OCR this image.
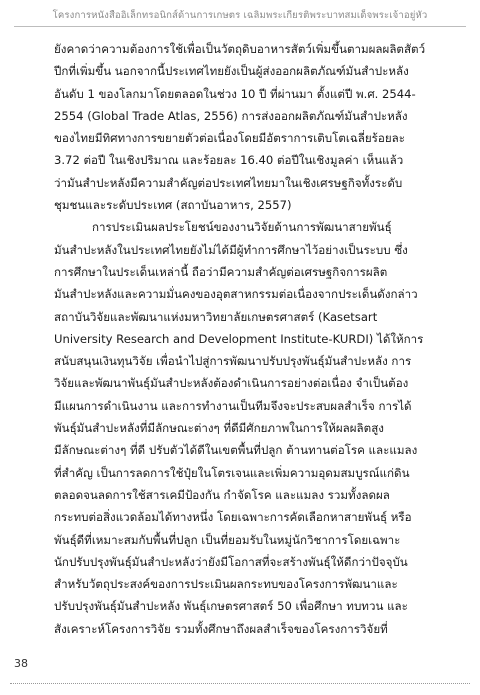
โครงการหนังสืออิเล็กทรอนิกส์ด้านการเกษตร เฉลิมพระเกียรติพระบาทสมเด็จพระเจ้าอยู่หัว
ยังคาดว่าความต้องการใช้เพื่อเป็นวัตถุดิบอาหารสัตว์เพิ่มขึ้นตามผลผลิตสัตว์
ปีกที่เพิ่มขึ้น นอกจากนี้ประเทศไทยยังเป็นผู้ส่งออกผลิตภัณฑ์มันสำปะหลัง
อันดับ 1 ของโลกมาโดยตลอดในช่วง 10 ปี ที่ผ่านมา ตั้งแต่ปี พ.ศ. 2544-
2554 (Global Trade Atlas, 2556) การส่งออกผลิตภัณฑ์มันสำปะหลัง
ของไทยมีทิศทางการขยายตัวต่อเนื่องโดยมีอัตราการเติบโตเฉลี่ยร้อยละ
3.72 ต่อปี ในเชิงปริมาณ และร้อยละ 16.40 ต่อปีในเชิงมูลค่า เห็นแล้ว
ว่ามันสำปะหลังมีความสำคัญต่อประเทศไทยมาในเชิงเศรษฐกิจทั้งระดับ
ชุมชนและระดับประเทศ (สถาบันอาหาร, 2557)
การประเมินผลประโยชน์ของงานวิจัยด้านการพัฒนาสายพันธุ์
มันสำปะหลังในประเทศไทยยังไม่ได้มีผู้ทำการศึกษาไว้อย่างเป็นระบบ ซึ่ง
การศึกษาในประเด็นเหล่านี้ ถือว่ามีความสำคัญต่อเศรษฐกิจการผลิต
มันสำปะหลังและความมั่นคงของอุตสาหกรรมต่อเนื่องจากประเด็นดังกล่าว
สถาบันวิจัยและพัฒนาแห่งมหาวิทยาลัยเกษตรศาสตร์ (Kasetsart
University Research and Development Institute-KURDI) ได้ให้การ
สนับสนุนเงินทุนวิจัย เพื่อนำไปสู่การพัฒนาปรับปรุงพันธุ์มันสำปะหลัง การ
วิจัยและพัฒนาพันธุ์มันสำปะหลังต้องดำเนินการอย่างต่อเนื่อง จำเป็นต้อง
มีแผนการดำเนินงาน และการทำงานเป็นทีมจึงจะประสบผลสำเร็จ การได้
พันธุ์มันสำปะหลังที่มีลักษณะต่างๆ ที่ดีมีศักยภาพในการให้ผลผลิตสูง
มีลักษณะต่างๆ ที่ดี ปรับตัวได้ดีในเขตพื้นที่ปลูก ต้านทานต่อโรค และแมลง
ที่สำคัญ เป็นการลดการใช้ปุ๋ยในโตรเจนและเพิ่มความอุดมสมบูรณ์แก่ดิน
ตลอดจนลดการใช้สารเคมีป้องกัน กำจัดโรค และแมลง รวมทั้งลดผล
กระทบต่อสิ่งแวดล้อมได้ทางหนึ่ง โดยเฉพาะการคัดเลือกหาสายพันธุ์ หรือ
พันธุ์ดีที่เหมาะสมกับพื้นที่ปลูก เป็นที่ยอมรับในหมู่นักวิชาการโดยเฉพาะ
นักปรับปรุงพันธุ์มันสำปะหลังว่ายังมีโอกาสที่จะสร้างพันธุ์ให้ดีกว่าปัจจุบัน
สำหรับวัตถุประสงค์ของการประเมินผลกระทบของโครงการพัฒนาและ
ปรับปรุงพันธุ์มันสำปะหลัง พันธุ์เกษตรศาสตร์ 50 เพื่อศึกษา ทบทวน และ
สังเคราะห์โครงการวิจัย รวมทั้งศึกษาถึงผลสำเร็จของโครงการวิจัยที่
38
